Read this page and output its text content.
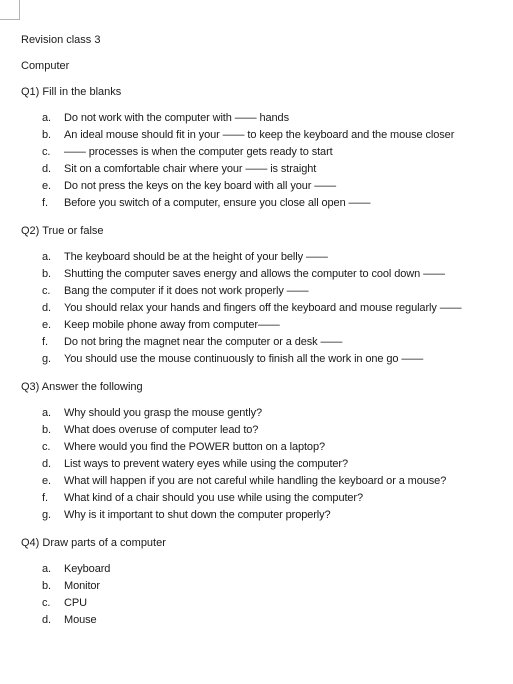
Revision class 3

Computer

Q1) Fill in the blanks

a.	Do not work with the computer with —— hands
b.	An ideal mouse should fit in your —— to keep the keyboard and the mouse closer
c.	—— processes is when the computer gets ready to start
d.	Sit on a comfortable chair where your —— is straight
e.	Do not press the keys on the key board with all your ——
f.	Before you switch of a computer, ensure you close all open ——

Q2) True or false

a.	The keyboard should be at the height of your belly ——
b.	Shutting the computer saves energy and allows the computer to cool down ——
c.	Bang the computer if it does not work properly ——
d.	You should relax your hands and fingers off the keyboard and mouse regularly ——
e.	Keep mobile phone away from computer——
f.	Do not bring the magnet near the computer or a desk ——
g.	You should use the mouse continuously to finish all the work in one go ——

Q3) Answer the following

a.	Why should you grasp the mouse gently?
b.	What does overuse of computer lead to?
c.	Where would you find the POWER button on a laptop?
d.	List ways to prevent watery eyes while using the computer?
e.	What will happen if you are not careful while handling the keyboard or a mouse?
f.	What kind of a chair should you use while using the computer?
g.	Why is it important to shut down the computer properly?

Q4) Draw parts of a computer

a.	Keyboard
b.	Monitor
c.	CPU
d.	Mouse
